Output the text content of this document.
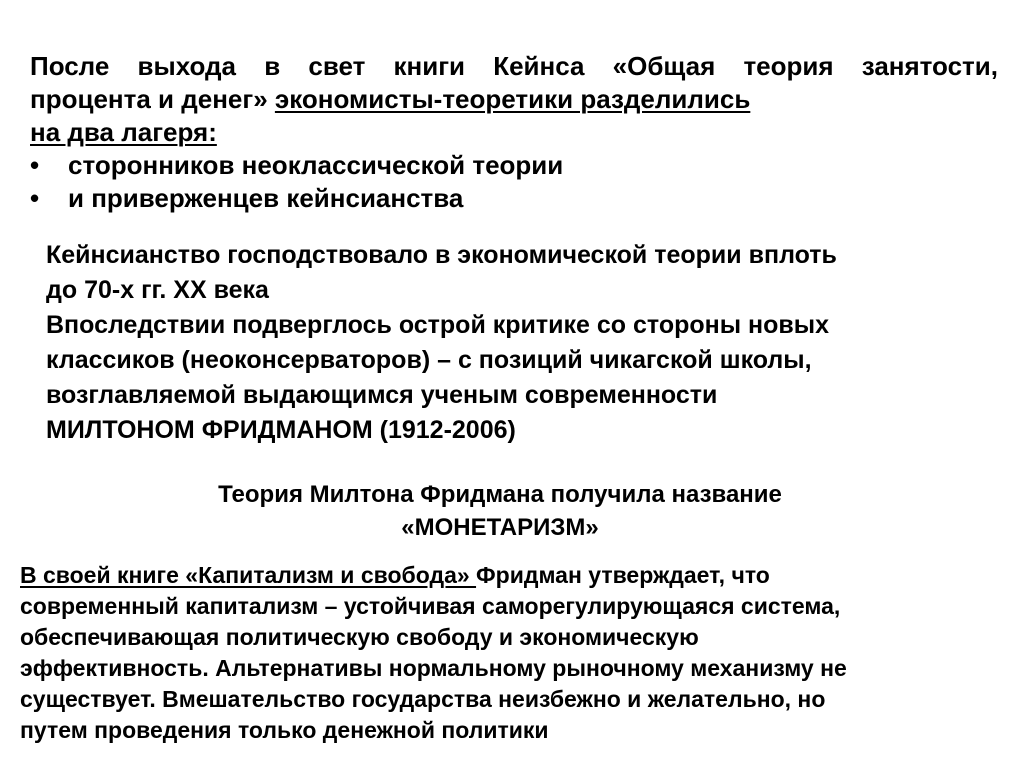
После выхода в свет книги Кейнса «Общая теория занятости,
процента и денег» экономисты-теоретики разделились
на два лагеря:
• сторонников неоклассической теории
• и приверженцев кейнсианства
Кейнсианство господствовало в экономической теории вплоть
до 70-х гг. XX века
Впоследствии подверглось острой критике со стороны новых
классиков (неоконсерваторов) – с позиций чикагской школы,
возглавляемой выдающимся ученым современности
МИЛТОНОМ ФРИДМАНОМ (1912-2006)
Теория Милтона Фридмана получила название
«МОНЕТАРИЗМ»
В своей книге «Капитализм и свобода» Фридман утверждает, что
современный капитализм – устойчивая саморегулирующаяся система,
обеспечивающая политическую свободу и экономическую
эффективность. Альтернативы нормальному рыночному механизму не
существует. Вмешательство государства неизбежно и желательно, но
путем проведения только денежной политики
